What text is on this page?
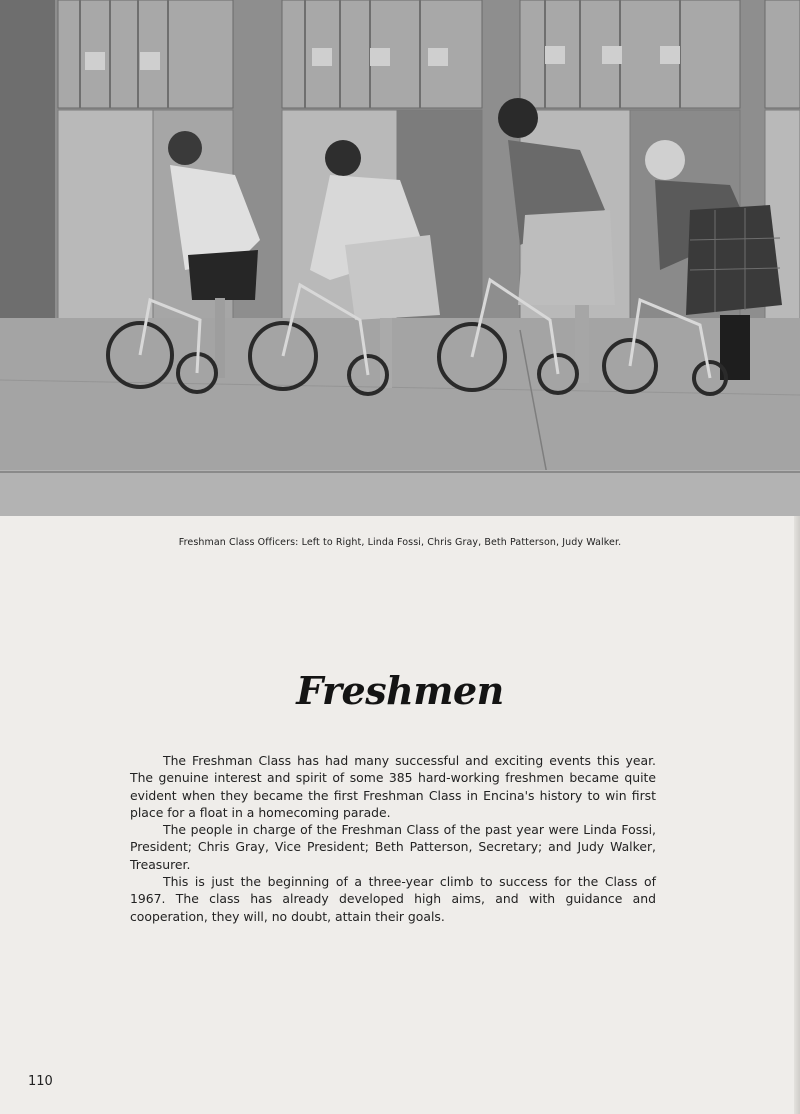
Freshman Class Officers: Left to Right, Linda Fossi, Chris Gray, Beth Patterson, Judy Walker.
Freshmen

The Freshman Class has had many successful and exciting events this year. The genuine interest and spirit of some 385 hard-working freshmen became quite evident when they became the first Freshman Class in Encina's history to win first place for a float in a homecoming parade.

The people in charge of the Freshman Class of the past year were Linda Fossi, President; Chris Gray, Vice President; Beth Patterson, Secretary; and Judy Walker, Treasurer.

This is just the beginning of a three-year climb to success for the Class of 1967. The class has already developed high aims, and with guidance and cooperation, they will, no doubt, attain their goals.

110
